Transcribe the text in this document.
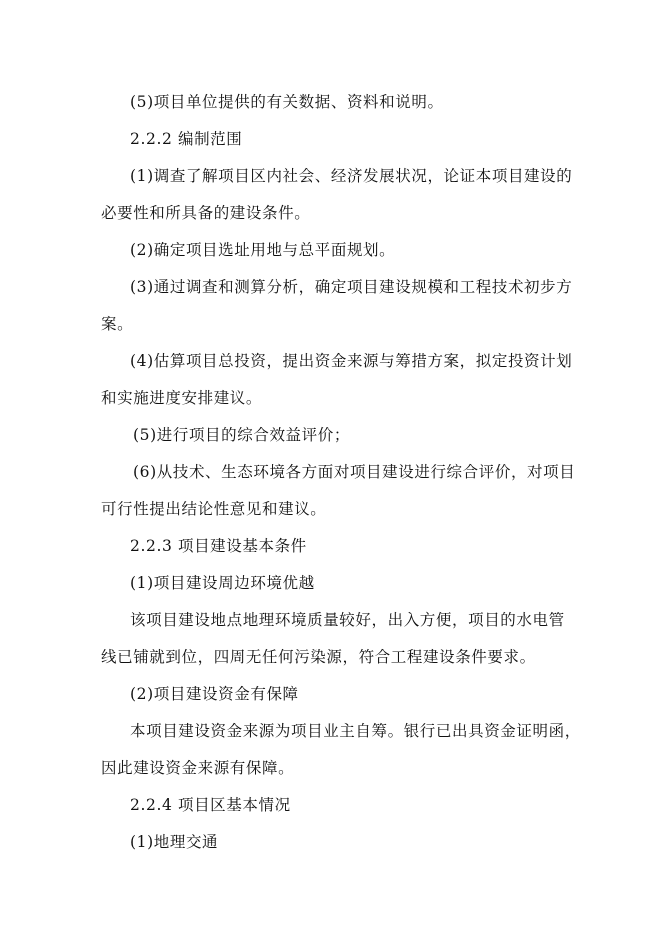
(5)项目单位提供的有关数据、资料和说明。
2.2.2 编制范围
(1)调查了解项目区内社会、经济发展状况，论证本项目建设的
必要性和所具备的建设条件。
(2)确定项目选址用地与总平面规划。
(3)通过调查和测算分析，确定项目建设规模和工程技术初步方
案。
(4)估算项目总投资，提出资金来源与筹措方案，拟定投资计划
和实施进度安排建议。
(5)进行项目的综合效益评价；
(6)从技术、生态环境各方面对项目建设进行综合评价，对项目
可行性提出结论性意见和建议。
2.2.3 项目建设基本条件
(1)项目建设周边环境优越
该项目建设地点地理环境质量较好，出入方便，项目的水电管
线已铺就到位，四周无任何污染源，符合工程建设条件要求。
(2)项目建设资金有保障
本项目建设资金来源为项目业主自筹。银行已出具资金证明函，
因此建设资金来源有保障。
2.2.4 项目区基本情况
(1)地理交通
